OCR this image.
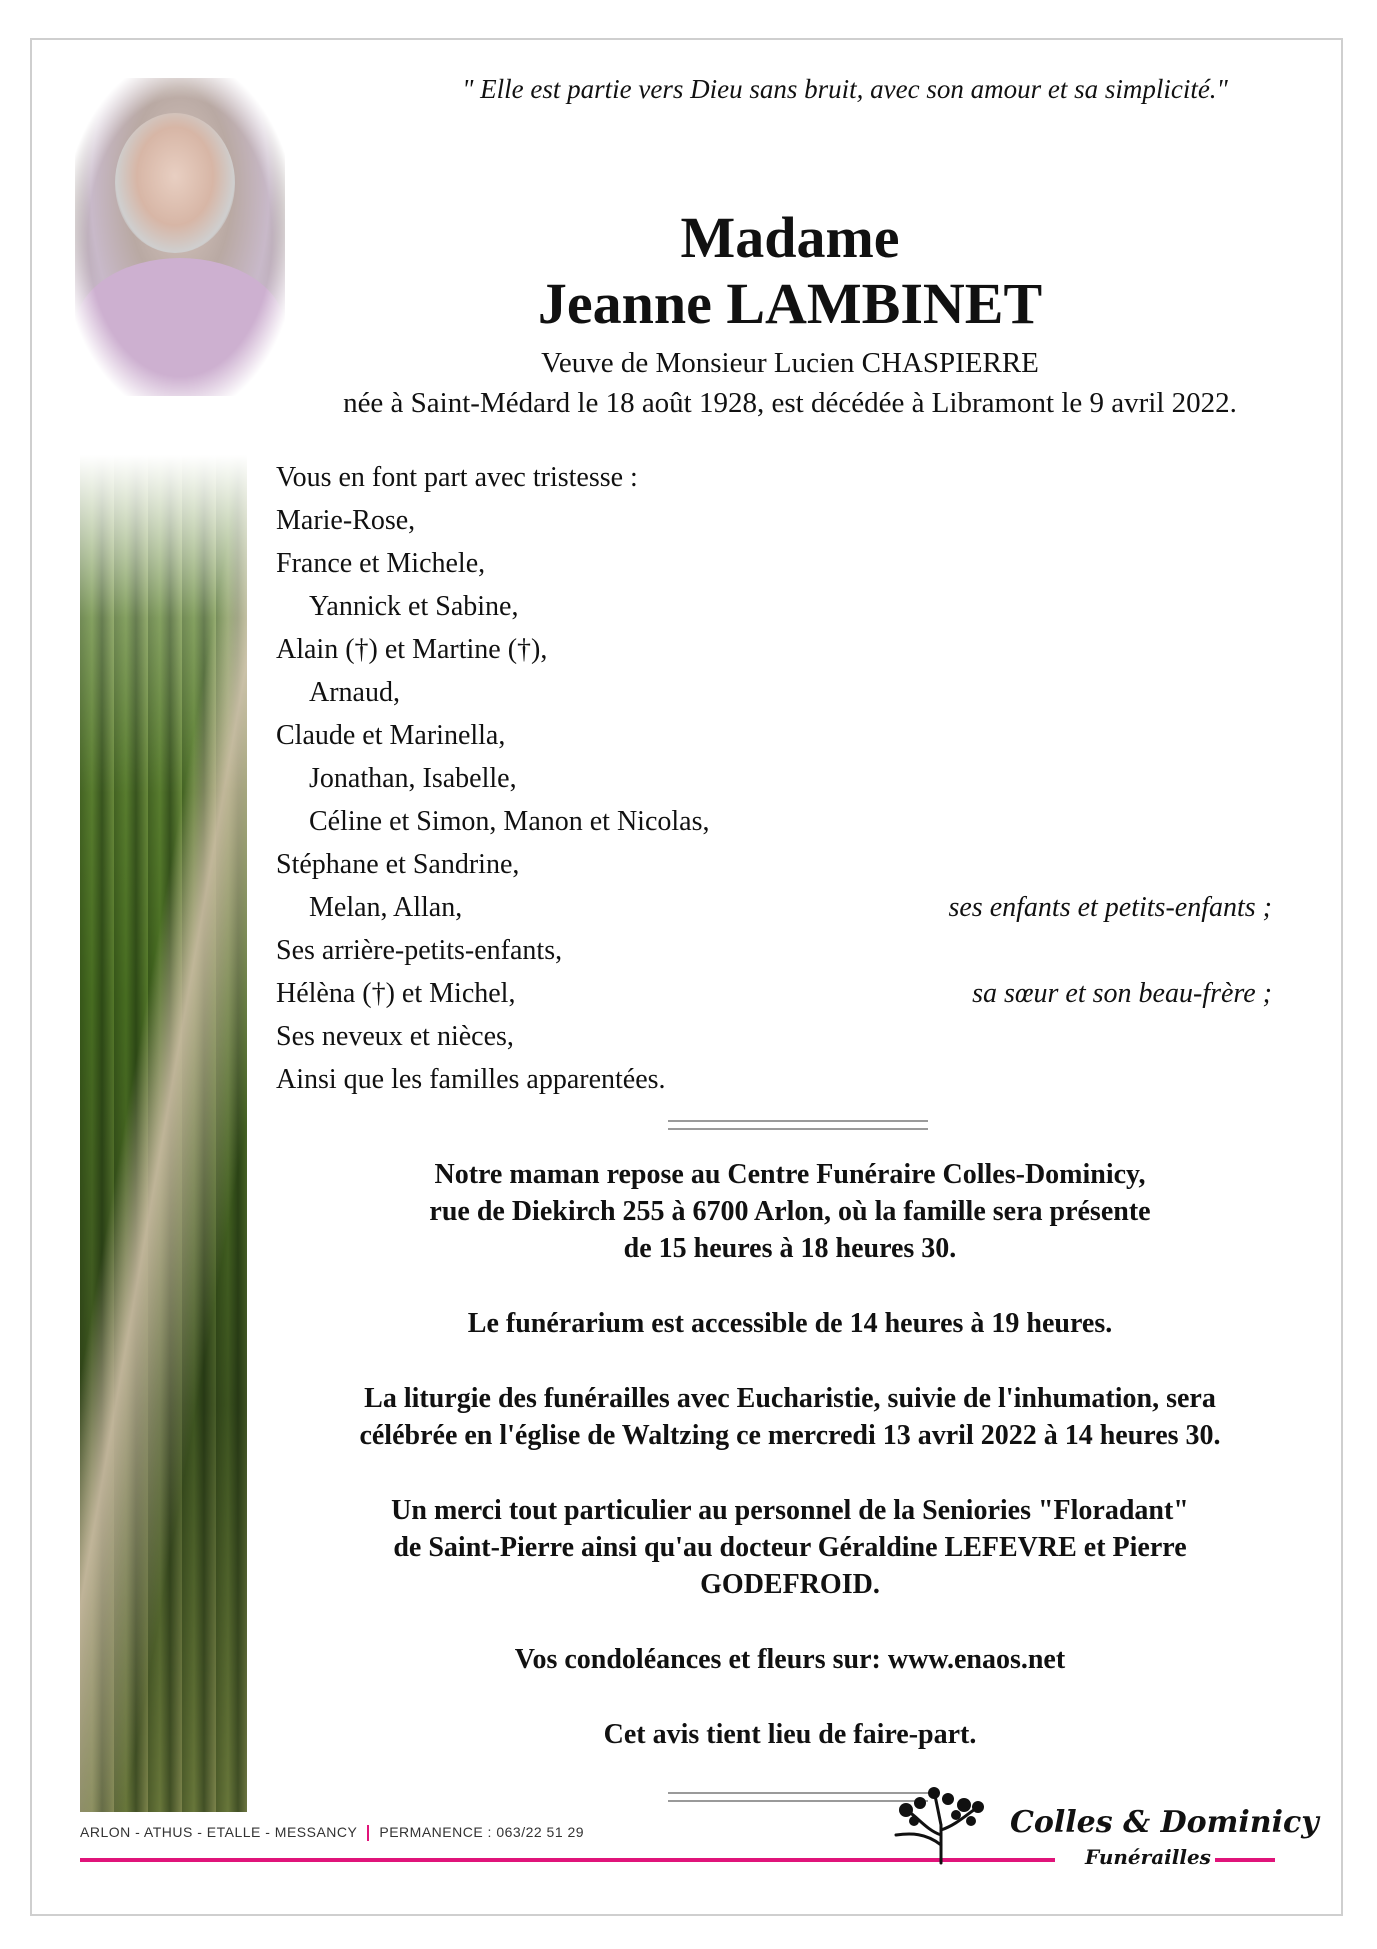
" Elle est partie vers Dieu sans bruit, avec son amour et sa simplicité."
Madame
Jeanne LAMBINET
Veuve de Monsieur Lucien CHASPIERRE
née à Saint-Médard le 18 août 1928, est décédée à Libramont le 9 avril 2022.
Vous en font part avec tristesse :
Marie-Rose,
France et Michele,
Yannick et Sabine,
Alain (†) et Martine (†),
Arnaud,
Claude et Marinella,
Jonathan, Isabelle,
Céline et Simon, Manon et Nicolas,
Stéphane et Sandrine,
Melan, Allan,	ses enfants et petits-enfants ;
Ses arrière-petits-enfants,
Hélèna (†) et Michel,	sa sœur et son beau-frère ;
Ses neveux et nièces,
Ainsi que les familles apparentées.

Notre maman repose au Centre Funéraire Colles-Dominicy,
rue de Diekirch 255 à 6700 Arlon, où la famille sera présente
de 15 heures à 18 heures 30.

Le funérarium est accessible de 14 heures à 19 heures.

La liturgie des funérailles avec Eucharistie, suivie de l'inhumation, sera
célébrée en l'église de Waltzing ce mercredi 13 avril 2022 à 14 heures 30.

Un merci tout particulier au personnel de la Seniories "Floradant"
de Saint-Pierre ainsi qu'au docteur Géraldine LEFEVRE et Pierre
GODEFROID.

Vos condoléances et fleurs sur: www.enaos.net

Cet avis tient lieu de faire-part.

ARLON - ATHUS - ETALLE - MESSANCY PERMANENCE : 063/22 51 29	Colles & Dominicy
Funérailles
